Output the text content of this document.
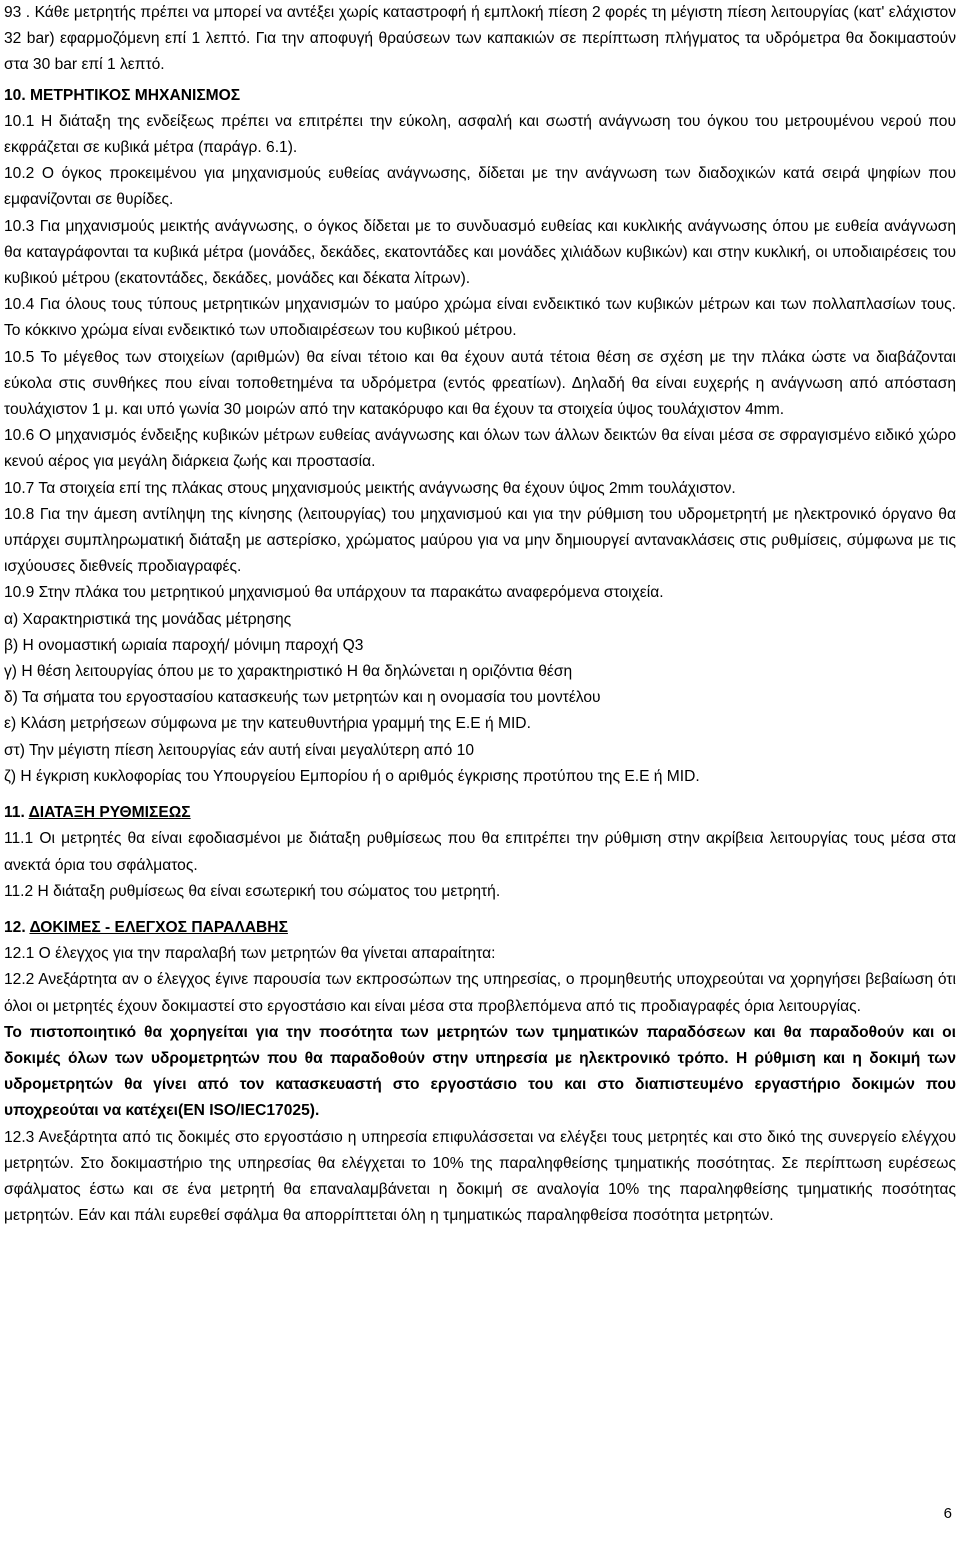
93 . Κάθε μετρητής πρέπει να μπορεί να αντέξει χωρίς καταστροφή ή εμπλοκή πίεση 2 φορές τη μέγιστη πίεση λειτουργίας (κατ' ελάχιστον 32 bar) εφαρμοζόμενη επί 1 λεπτό. Για την αποφυγή θραύσεων των καπακιών σε περίπτωση πλήγματος τα υδρόμετρα θα δοκιμαστούν στα 30 bar επί 1 λεπτό.

10. ΜΕΤΡΗΤΙΚΟΣ ΜΗΧΑΝΙΣΜΟΣ

10.1 Η διάταξη της ενδείξεως πρέπει να επιτρέπει την εύκολη, ασφαλή και σωστή ανάγνωση του όγκου του μετρουμένου νερού που εκφράζεται σε κυβικά μέτρα (παράγρ. 6.1).

10.2 Ο όγκος προκειμένου για μηχανισμούς ευθείας ανάγνωσης, δίδεται με την ανάγνωση των διαδοχικών κατά σειρά ψηφίων που εμφανίζονται σε θυρίδες.

10.3 Για μηχανισμούς μεικτής ανάγνωσης, ο όγκος δίδεται με το συνδυασμό ευθείας και κυκλικής ανάγνωσης όπου με ευθεία ανάγνωση θα καταγράφονται τα κυβικά μέτρα (μονάδες, δεκάδες, εκατοντάδες και μονάδες χιλιάδων κυβικών) και στην κυκλική, οι υποδιαιρέσεις του κυβικού μέτρου (εκατοντάδες, δεκάδες, μονάδες και δέκατα λίτρων).

10.4 Για όλους τους τύπους μετρητικών μηχανισμών το μαύρο χρώμα είναι ενδεικτικό των κυβικών μέτρων και των πολλαπλασίων τους. Το κόκκινο χρώμα είναι ενδεικτικό των υποδιαιρέσεων του κυβικού μέτρου.

10.5 Το μέγεθος των στοιχείων (αριθμών) θα είναι τέτοιο και θα έχουν αυτά τέτοια θέση σε σχέση με την πλάκα ώστε να διαβάζονται εύκολα στις συνθήκες που είναι τοποθετημένα τα υδρόμετρα (εντός φρεατίων). Δηλαδή θα είναι ευχερής η ανάγνωση από απόσταση τουλάχιστον 1 μ. και υπό γωνία 30 μοιρών από την κατακόρυφο και θα έχουν τα στοιχεία ύψος τουλάχιστον 4mm.

10.6 Ο μηχανισμός ένδειξης κυβικών μέτρων ευθείας ανάγνωσης και όλων των άλλων δεικτών θα είναι μέσα σε σφραγισμένο ειδικό χώρο κενού αέρος για μεγάλη διάρκεια ζωής και προστασία.

10.7 Τα στοιχεία επί της πλάκας στους μηχανισμούς μεικτής ανάγνωσης θα έχουν ύψος 2mm τουλάχιστον.

10.8 Για την άμεση αντίληψη της κίνησης (λειτουργίας) του μηχανισμού και για την ρύθμιση του υδρομετρητή με ηλεκτρονικό όργανο θα υπάρχει συμπληρωματική διάταξη με αστερίσκο, χρώματος μαύρου για να μην δημιουργεί αντανακλάσεις στις ρυθμίσεις, σύμφωνα με τις ισχύουσες διεθνείς προδιαγραφές.

10.9 Στην πλάκα του μετρητικού μηχανισμού θα υπάρχουν τα παρακάτω αναφερόμενα στοιχεία.

α) Χαρακτηριστικά της μονάδας μέτρησης

β) Η ονομαστική ωριαία παροχή/ μόνιμη παροχή Q3

γ) Η θέση λειτουργίας όπου με το χαρακτηριστικό H θα δηλώνεται η οριζόντια θέση

δ) Τα σήματα του εργοστασίου κατασκευής των μετρητών και η ονομασία του μοντέλου

ε) Κλάση μετρήσεων σύμφωνα με την κατευθυντήρια γραμμή της Ε.Ε ή MID.

στ) Την μέγιστη πίεση λειτουργίας εάν αυτή είναι μεγαλύτερη από 10

ζ) Η έγκριση κυκλοφορίας του Υπουργείου Εμπορίου ή ο αριθμός έγκρισης προτύπου της Ε.Ε ή MID.

11. ΔΙΑΤΑΞΗ ΡΥΘΜΙΣΕΩΣ

11.1 Οι μετρητές θα είναι εφοδιασμένοι με διάταξη ρυθμίσεως που θα επιτρέπει την ρύθμιση στην ακρίβεια λειτουργίας τους μέσα στα ανεκτά όρια του σφάλματος.

11.2 Η διάταξη ρυθμίσεως θα είναι εσωτερική του σώματος του μετρητή.

12. ΔΟΚΙΜΕΣ - ΕΛΕΓΧΟΣ ΠΑΡΑΛΑΒΗΣ

12.1 Ο έλεγχος για την παραλαβή των μετρητών θα γίνεται απαραίτητα:

12.2 Ανεξάρτητα αν ο έλεγχος έγινε παρουσία των εκπροσώπων της υπηρεσίας, ο προμηθευτής υποχρεούται να χορηγήσει βεβαίωση ότι όλοι οι μετρητές έχουν δοκιμαστεί στο εργοστάσιο και είναι μέσα στα προβλεπόμενα από τις προδιαγραφές όρια λειτουργίας.

Το πιστοποιητικό θα χορηγείται για την ποσότητα των μετρητών των τμηματικών παραδόσεων και θα παραδοθούν και οι δοκιμές όλων των υδρομετρητών που θα παραδοθούν στην υπηρεσία με ηλεκτρονικό τρόπο. Η ρύθμιση και η δοκιμή των υδρομετρητών θα γίνει από τον κατασκευαστή στο εργοστάσιο του και στο διαπιστευμένο εργαστήριο δοκιμών που υποχρεούται να κατέχει(EN ISO/IEC17025).

12.3 Ανεξάρτητα από τις δοκιμές στο εργοστάσιο η υπηρεσία επιφυλάσσεται να ελέγξει τους μετρητές και στο δικό της συνεργείο ελέγχου μετρητών. Στο δοκιμαστήριο της υπηρεσίας θα ελέγχεται το 10% της παραληφθείσης τμηματικής ποσότητας. Σε περίπτωση ευρέσεως σφάλματος έστω και σε ένα μετρητή θα επαναλαμβάνεται η δοκιμή σε αναλογία 10% της παραληφθείσης τμηματικής ποσότητας μετρητών. Εάν και πάλι ευρεθεί σφάλμα θα απορρίπτεται όλη η τμηματικώς παραληφθείσα ποσότητα μετρητών.

6
